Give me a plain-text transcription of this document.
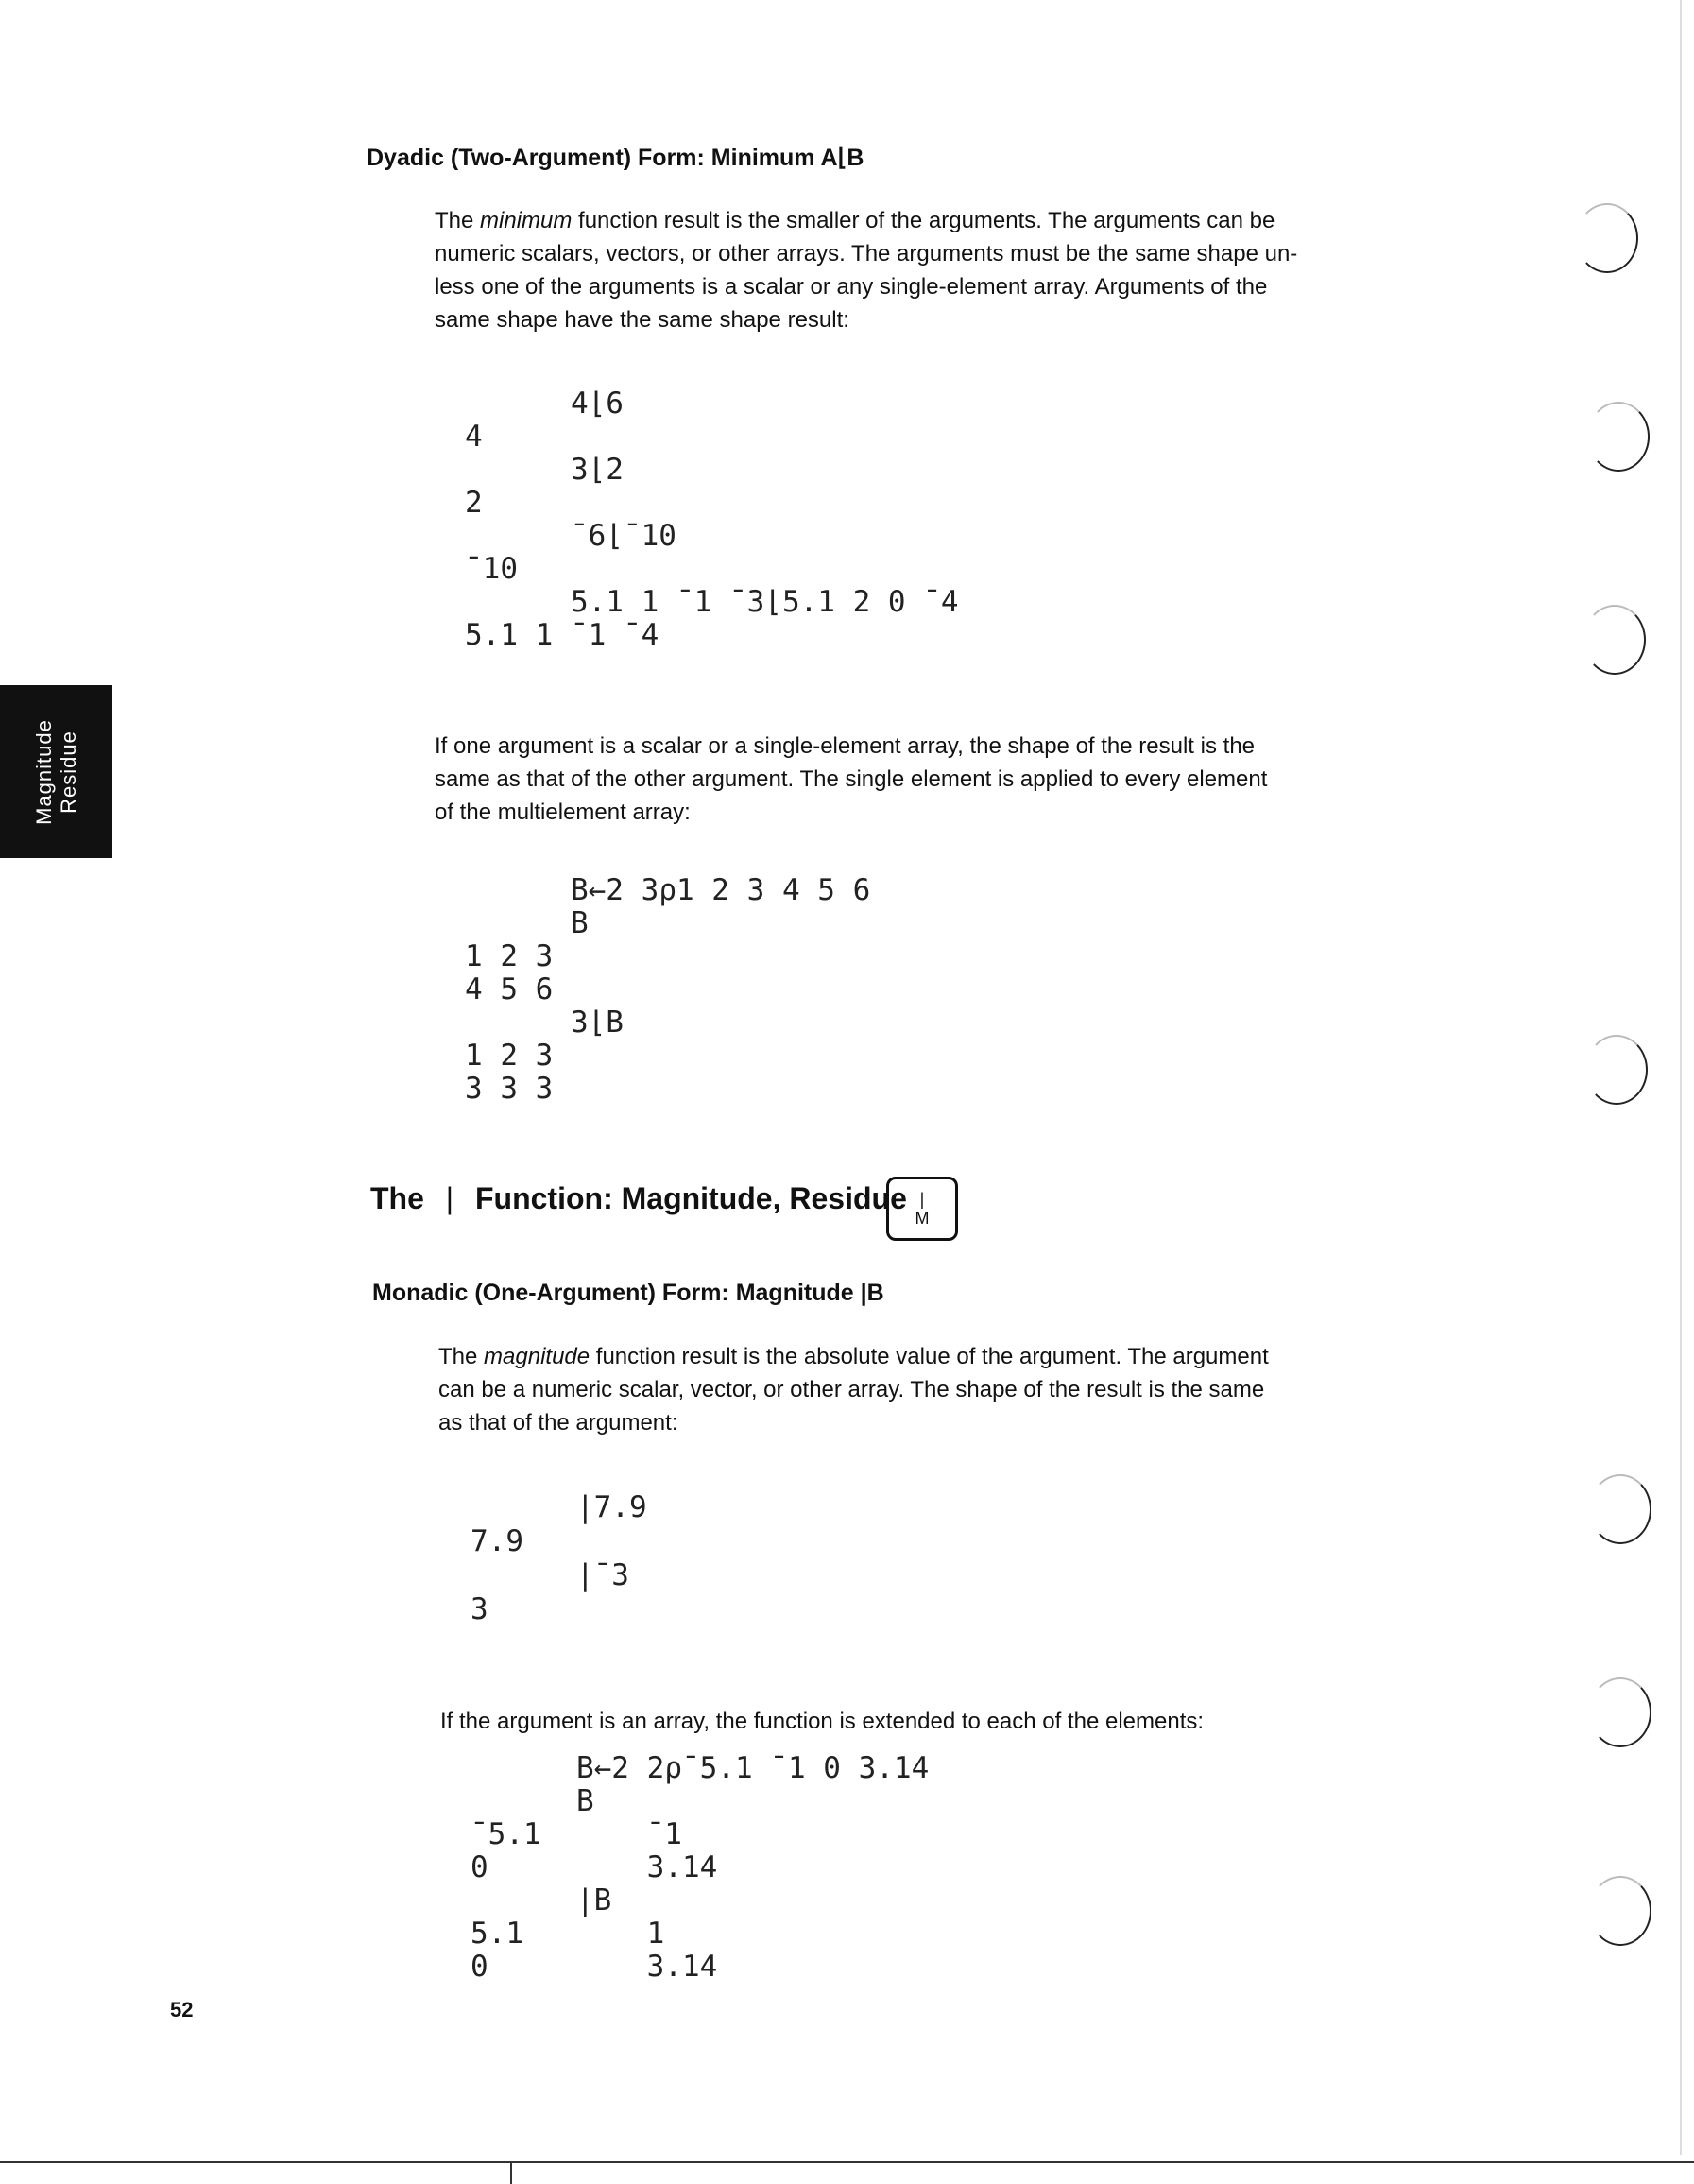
Magnitude Residue
Dyadic (Two-Argument) Form: Minimum A⌊B

The minimum function result is the smaller of the arguments. The arguments can be

numeric scalars, vectors, or other arrays. The arguments must be the same shape un-

less one of the arguments is a scalar or any single-element array. Arguments of the

same shape have the same shape result:

4⌊6

4

3⌊2

2

¯6⌊¯10

¯10

5.1 1 ¯1 ¯3⌊5.1 2 0 ¯4

5.1 1 ¯1 ¯4

If one argument is a scalar or a single-element array, the shape of the result is the

same as that of the other argument. The single element is applied to every element

of the multielement array:

B←2 3⍴1 2 3 4 5 6

B

1 2 3

4 5 6

3⌊B

1 2 3

3 3 3

The | Function: Magnitude, Residue |
M
Monadic (One-Argument) Form: Magnitude |B

The magnitude function result is the absolute value of the argument. The argument

can be a numeric scalar, vector, or other array. The shape of the result is the same

as that of the argument:

|7.9

7.9

|¯3

3

If the argument is an array, the function is extended to each of the elements:

B←2 2⍴¯5.1 ¯1 0 3.14

B

¯5.1      ¯1

0         3.14

|B

5.1       1

0         3.14

52
